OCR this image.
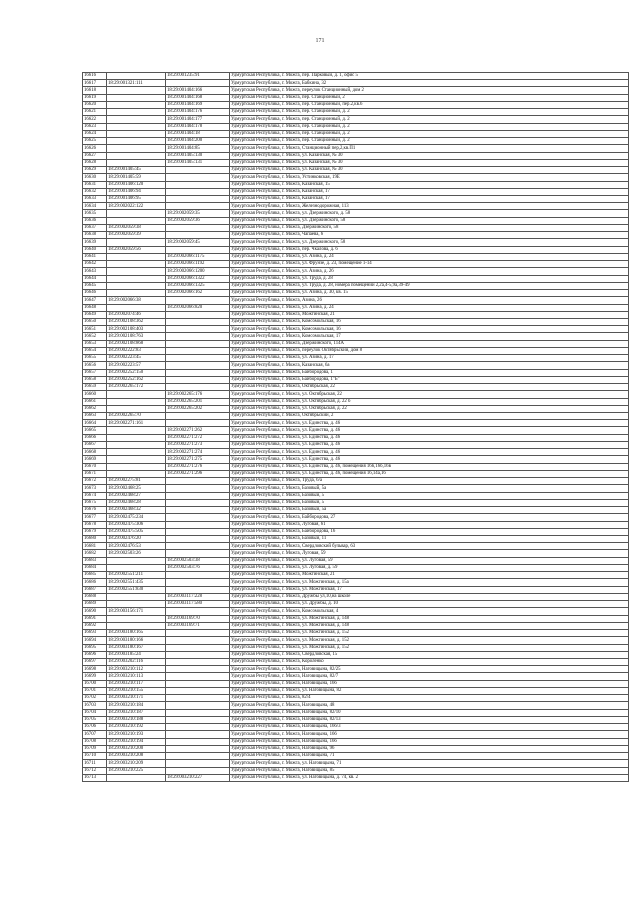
171
16616		18:29:001235:91	Удмуртская Республика, г. Можга, пер. Парковый, д. 1, офис 5
16617	18:29:001321:111		Удмуртская Республика, г. Можга, Бабкина, 32
16618		18:29:001404:166	Удмуртская Республика, г. Можга, переулок Станционный, дом 2
16619		18:29:001404:168	Удмуртская Республика, г. Можга, пер. Станционный, 2
16620		18:29:001404:169	Удмуртская Республика, г. Можга, пер. Станционный, пер.2,кв.6
16621		18:29:001404:176	Удмуртская Республика, г. Можга, пер. Станционный, д. 2
16622		18:29:001404:177	Удмуртская Республика, г. Можга, пер. Станционный, д. 2
16623		18:29:001404:178	Удмуртская Республика, г. Можга, пер. Станционный, д. 2
16624		18:29:001404:18	Удмуртская Республика, г. Можга, пер. Станционный, д. 2
16625		18:29:001404:200	Удмуртская Республика, г. Можга, пер. Станционный, д. 2
16626		18:29:001404:85	Удмуртская Республика, г. Можга, Станционный пер,2,кв.П1
16627		18:29:001405:130	Удмуртская Республика, г. Можга, ул. Казанская, № 30
16628		18:29:001405:131	Удмуртская Республика, г. Можга, ул. Казанская, № 30
16629	18:29:001405:45		Удмуртская Республика, г. Можга, ул. Казанская, № 30
16630	18:29:001405:59		Удмуртская Республика, г. Можга, Устинковская, 19Е
16631	18:29:001406:120		Удмуртская Республика, г. Можга, Казанская, 15
16632	18:29:001406:94		Удмуртская Республика, г. Можга, Казанская, 17
16633	18:29:001406:95		Удмуртская Республика, г. Можга, Казанская, 17
16634	18:29:002022:122		Удмуртская Республика, г. Можга, Железнодорожная, 113
16635		18:29:002059:35	Удмуртская Республика, г. Можга, ул. Дзержинского, д. 58
16636		18:29:002059:36	Удмуртская Республика, г. Можга, ул. Дзержинского, 58
16637	18:29:002059:38		Удмуртская Республика, г. Можга, Дзержинского, 58
16638	18:29:002059:39		Удмуртская Республика, г. Можга, Чапаева, 6
16639		18:29:002059:45	Удмуртская Республика, г. Можга, ул. Дзержинского, 58
16640	18:29:002059:56		Удмуртская Республика, г. Можга, пер. Чкалова, д. 6
16641		18:29:002066:1175	Удмуртская Республика, г. Можга, ул. Азина, д. 24
16642		18:29:002066:1192	Удмуртская Республика, г. Можга, ул. Фрунзе, д. 23, помещение 1-14
16643		18:29:002066:1200	Удмуртская Республика, г. Можга, ул. Азина, д. 26
16644		18:29:002066:1322	Удмуртская Республика, г. Можга, ул. Труда, д. 28
16645		18:29:002066:1325	Удмуртская Республика, г. Можга, ул. Труда, д. 28, номера помещений 2,2а,4-5,9а,39-49
16646		18:29:002066:162	Удмуртская Республика, г. Можга, ул. Азина, д. 30, кв. 15
16647	18:29:002066:38		Удмуртская Республика, г. Можга, Азина, 26
16648		18:29:002066:820	Удмуртская Республика, г. Можга, ул. Азина, д. 24
16649	18:29:002074:46		Удмуртская Республика, г. Можга, Можгинская, 21
16650	18:29:002108:362		Удмуртская Республика, г. Можга, Комсомольская, 16
16651	18:29:002108:403		Удмуртская Республика, г. Можга, Комсомольская, 16
16652	18:29:002108:763		Удмуртская Республика, г. Можга, Комсомольская, 17
16653	18:29:002108:868		Удмуртская Республика, г. Можга, Дзержинского, 114А
16654	18:29:002222:83		Удмуртская Республика, г. Можга, переулок Октябрьский, дом 8
16655	18:29:002223:45		Удмуртская Республика, г. Можга, ул. Азина, д. 17
16656	18:29:002223:57		Удмуртская Республика, г. Можга, Казанская, 6а
16657	18:29:002252:150		Удмуртская Республика, г. Можга, Байбородова, 1
16658	18:29:002252:162		Удмуртская Республика, г. Можга, Байбородова, 1"Б"
16659	18:29:002265:172		Удмуртская Республика, г. Можга, Октябрьская, 22
16660		18:29:002265:176	Удмуртская Республика, г. Можга, ул. Октябрьская, 22
16661		18:29:002265:201	Удмуртская Республика, г. Можга, ул. Октябрьская, д. 22 б
16662		18:29:002265:202	Удмуртская Республика, г. Можга, ул. Октябрьская, д. 22
16663	18:29:002265:70		Удмуртская Республика, г. Можга, Октябрьский, 2
16664	18:29:002271:161		Удмуртская Республика, г. Можга, ул. Единства, д. 46
16665		18:29:002271:262	Удмуртская Республика, г. Можга, ул. Единства, д. 46
16666		18:29:002271:272	Удмуртская Республика, г. Можга, ул. Единства, д. 46
16667		18:29:002271:273	Удмуртская Республика, г. Можга, ул. Единства, д. 46
16668		18:29:002271:274	Удмуртская Республика, г. Можга, ул. Единства, д. 46
16669		18:29:002271:275	Удмуртская Республика, г. Можга, ул. Единства, д. 46
16670		18:29:002271:276	Удмуртская Республика, г. Можга, ул. Единства, д. 46, помещения 16б,16б,16в
16671		18:29:002271:296	Удмуртская Республика, г. Можга, ул. Единства, д. 46, помещения 16,14а,16
16672	18:29:002275:81		Удмуртская Республика, г. Можга, Труда, 6/а
16673	18:29:002468:25		Удмуртская Республика, г. Можга, Базовый, 5а
16674	18:29:002468:27		Удмуртская Республика, г. Можга, Базовый, 5
16675	18:29:002468:28		Удмуртская Республика, г. Можга, Базовый, 5
16676	18:29:002468:32		Удмуртская Республика, г. Можга, Базовый, 5а
16677	18:29:002475:234		Удмуртская Республика, г. Можга, Байбородова, 27
16678	18:29:002475:306		Удмуртская Республика, г. Можга, Луговая, 61
16679	18:29:002475:505		Удмуртская Республика, г. Можга, Байбородова, 16
16680	18:29:002476:20		Удмуртская Республика, г. Можга, Базовый, 11
16681	18:29:002476:53		Удмуртская Республика, г. Можга, Свердловский бульвар, 63
16682	18:29:002503:26		Удмуртская Республика, г. Можга, Луговая, 59
16683		18:29:002503:38	Удмуртская Республика, г. Можга, ул. Луговая, 59
16684		18:29:002503:76	Удмуртская Республика, г. Можга, ул. Луговая, д. 59
16685	18:29:002551:211		Удмуртская Республика, г. Можга, Можгинская, 21
16686	18:29:002551:435		Удмуртская Республика, г. Можга, ул. Можгинская, д. 15а
16687	18:29:002551:830		Удмуртская Республика, г. Можга, ул. Можгинская, 17
16688		18:29:003117:228	Удмуртская Республика, г. Можга, Дружбы ул,10,на школе
16689		18:29:003117:580	Удмуртская Республика, г. Можга, ул. Дружбы, д. 10
16690	18:29:003156:171		Удмуртская Республика, г. Можга, Комсомольская, 4
16691		18:29:003169:70	Удмуртская Республика, г. Можга, ул. Можгинская, д. 148
16692		18:29:003169:71	Удмуртская Республика, г. Можга, ул. Можгинская, д. 148
16693	18:29:003180:165		Удмуртская Республика, г. Можга, ул. Можгинская, д. 152
16694	18:29:003180:166		Удмуртская Республика, г. Можга, ул. Можгинская, д. 152
16695	18:29:003180:167		Удмуртская Республика, г. Можга, ул. Можгинская, д. 152
16696	18:29:003185:24		Удмуртская Республика, г. Можга, Свердловская, 15
16697	18:29:003202:116		Удмуртская Республика, г. Можга, Королёнко
16698	18:29:003210:112		Удмуртская Республика, г. Можга, Наговицына, 82/25
16699	18:29:003210:113		Удмуртская Республика, г. Можга, Наговицына, 82/7
16700	18:29:003210:117		Удмуртская Республика, г. Можга, Наговицына, 166
16701	18:29:003210:155		Удмуртская Республика, г. Можга, ул. Наговицына, 82
16702	18:29:003210:171		Удмуртская Республика, г. Можга, 82/4
16703	18:29:003210:184		Удмуртская Республика, г. Можга, Наговицына, 48
16704	18:29:003210:187		Удмуртская Республика, г. Можга, Наговицына, 82/10
16705	18:29:003210:188		Удмуртская Республика, г. Можга, Наговицына, 82/13
16706	18:29:003210:192		Удмуртская Республика, г. Можга, Наговицына, 166/3
16707	18:29:003210:193		Удмуртская Республика, г. Можга, Наговицына, 166
16708	18:29:003210:194		Удмуртская Республика, г. Можга, Наговицына, 166
16709	18:29:003210:200		Удмуртская Республика, г. Можга, Наговицына, 96
16710	18:29:003210:208		Удмуртская Республика, г. Можга, Наговицына, 71
16711	18:29:003210:209		Удмуртская Республика, г. Можга, ул. Наговицына, 71
16712	18:29:003210:225		Удмуртская Республика, г. Можга, Наговицына, 85
16713		18:29:003210:227	Удмуртская Республика, г. Можга, ул. Наговицына, д. 74, кв. 2
